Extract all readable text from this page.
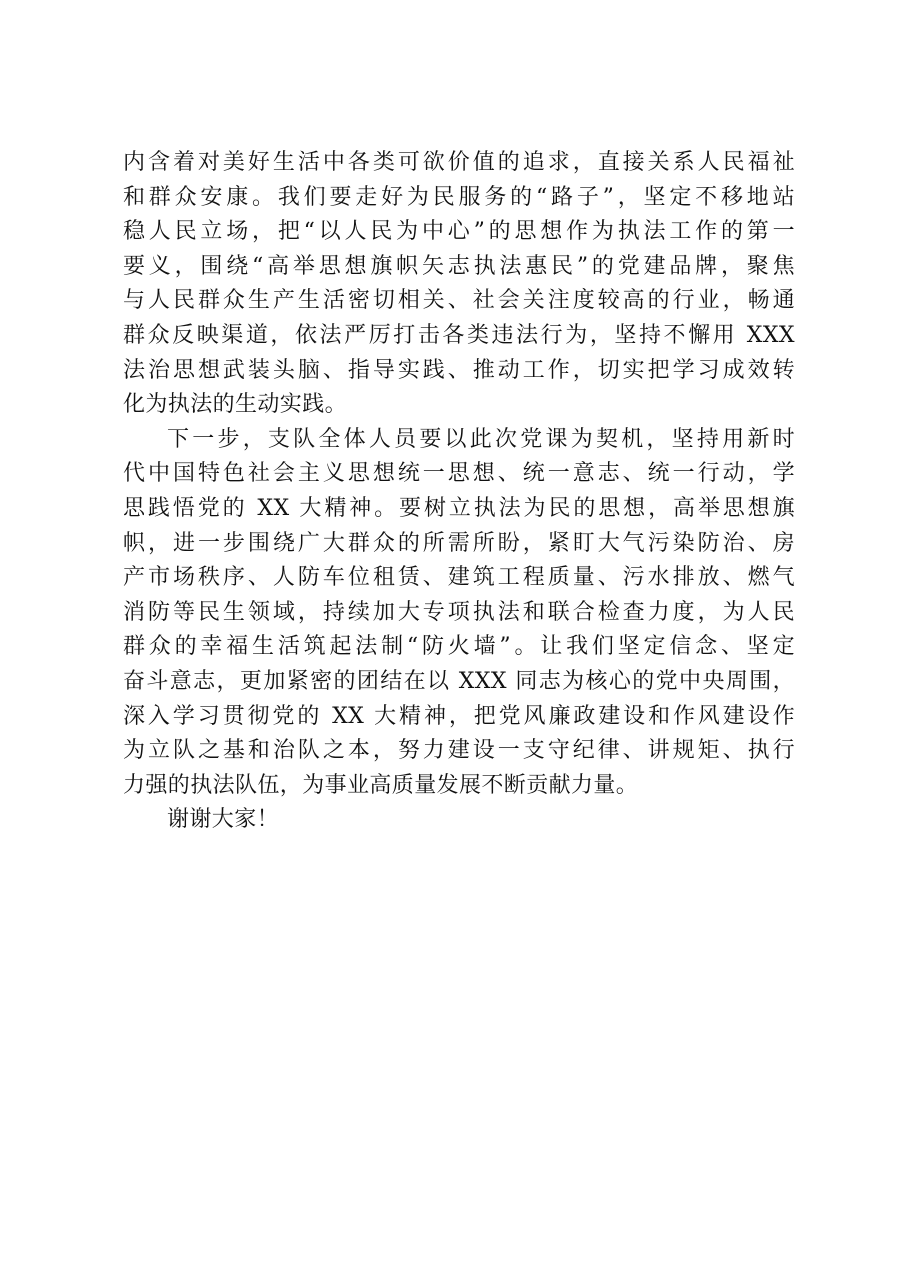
内含着对美好生活中各类可欲价值的追求，直接关系人民福祉
和群众安康。我们要走好为民服务的“路子”，坚定不移地站
稳人民立场，把“以人民为中心”的思想作为执法工作的第一
要义，围绕“高举思想旗帜矢志执法惠民”的党建品牌，聚焦
与人民群众生产生活密切相关、社会关注度较高的行业，畅通
群众反映渠道，依法严厉打击各类违法行为，坚持不懈用 XXX
法治思想武装头脑、指导实践、推动工作，切实把学习成效转
化为执法的生动实践。
下一步，支队全体人员要以此次党课为契机，坚持用新时
代中国特色社会主义思想统一思想、统一意志、统一行动，学
思践悟党的 XX 大精神。要树立执法为民的思想，高举思想旗
帜，进一步围绕广大群众的所需所盼，紧盯大气污染防治、房
产市场秩序、人防车位租赁、建筑工程质量、污水排放、燃气
消防等民生领域，持续加大专项执法和联合检查力度，为人民
群众的幸福生活筑起法制“防火墙”。让我们坚定信念、坚定
奋斗意志，更加紧密的团结在以 XXX 同志为核心的党中央周围，
深入学习贯彻党的 XX 大精神，把党风廉政建设和作风建设作
为立队之基和治队之本，努力建设一支守纪律、讲规矩、执行
力强的执法队伍，为事业高质量发展不断贡献力量。
谢谢大家！
